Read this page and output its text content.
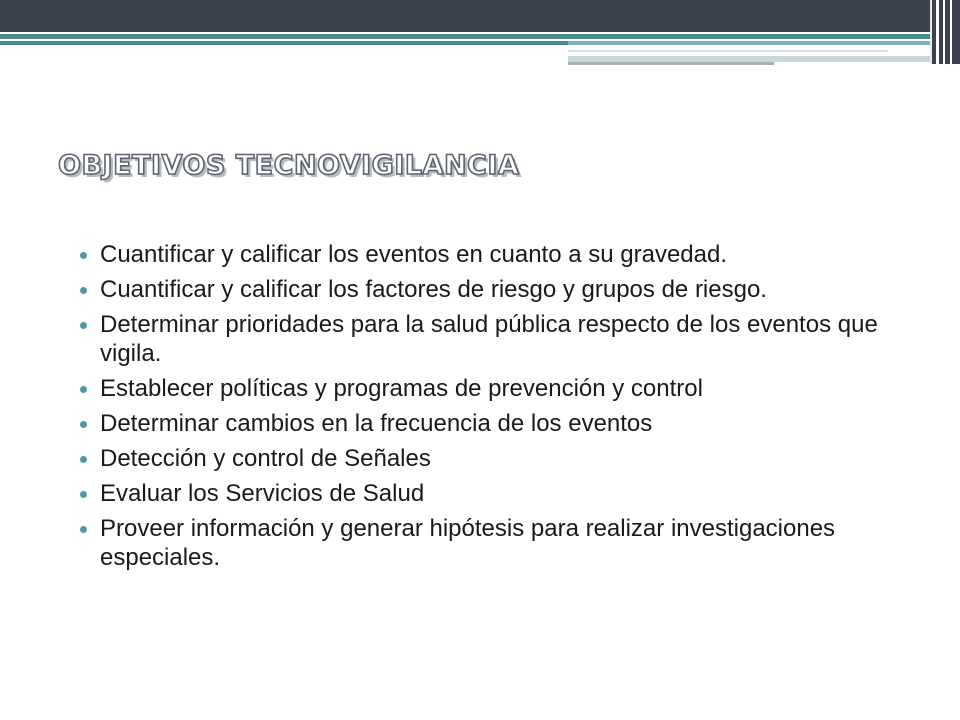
OBJETIVOS TECNOVIGILANCIA
Cuantificar y calificar los eventos en cuanto a su gravedad.
Cuantificar y calificar los factores de riesgo y grupos de riesgo.
Determinar prioridades para la salud pública respecto de los eventos que vigila.
Establecer políticas y programas de prevención y control
Determinar cambios en la frecuencia de los eventos
Detección y control de Señales
Evaluar los Servicios de Salud
Proveer información y generar hipótesis para realizar investigaciones especiales.
